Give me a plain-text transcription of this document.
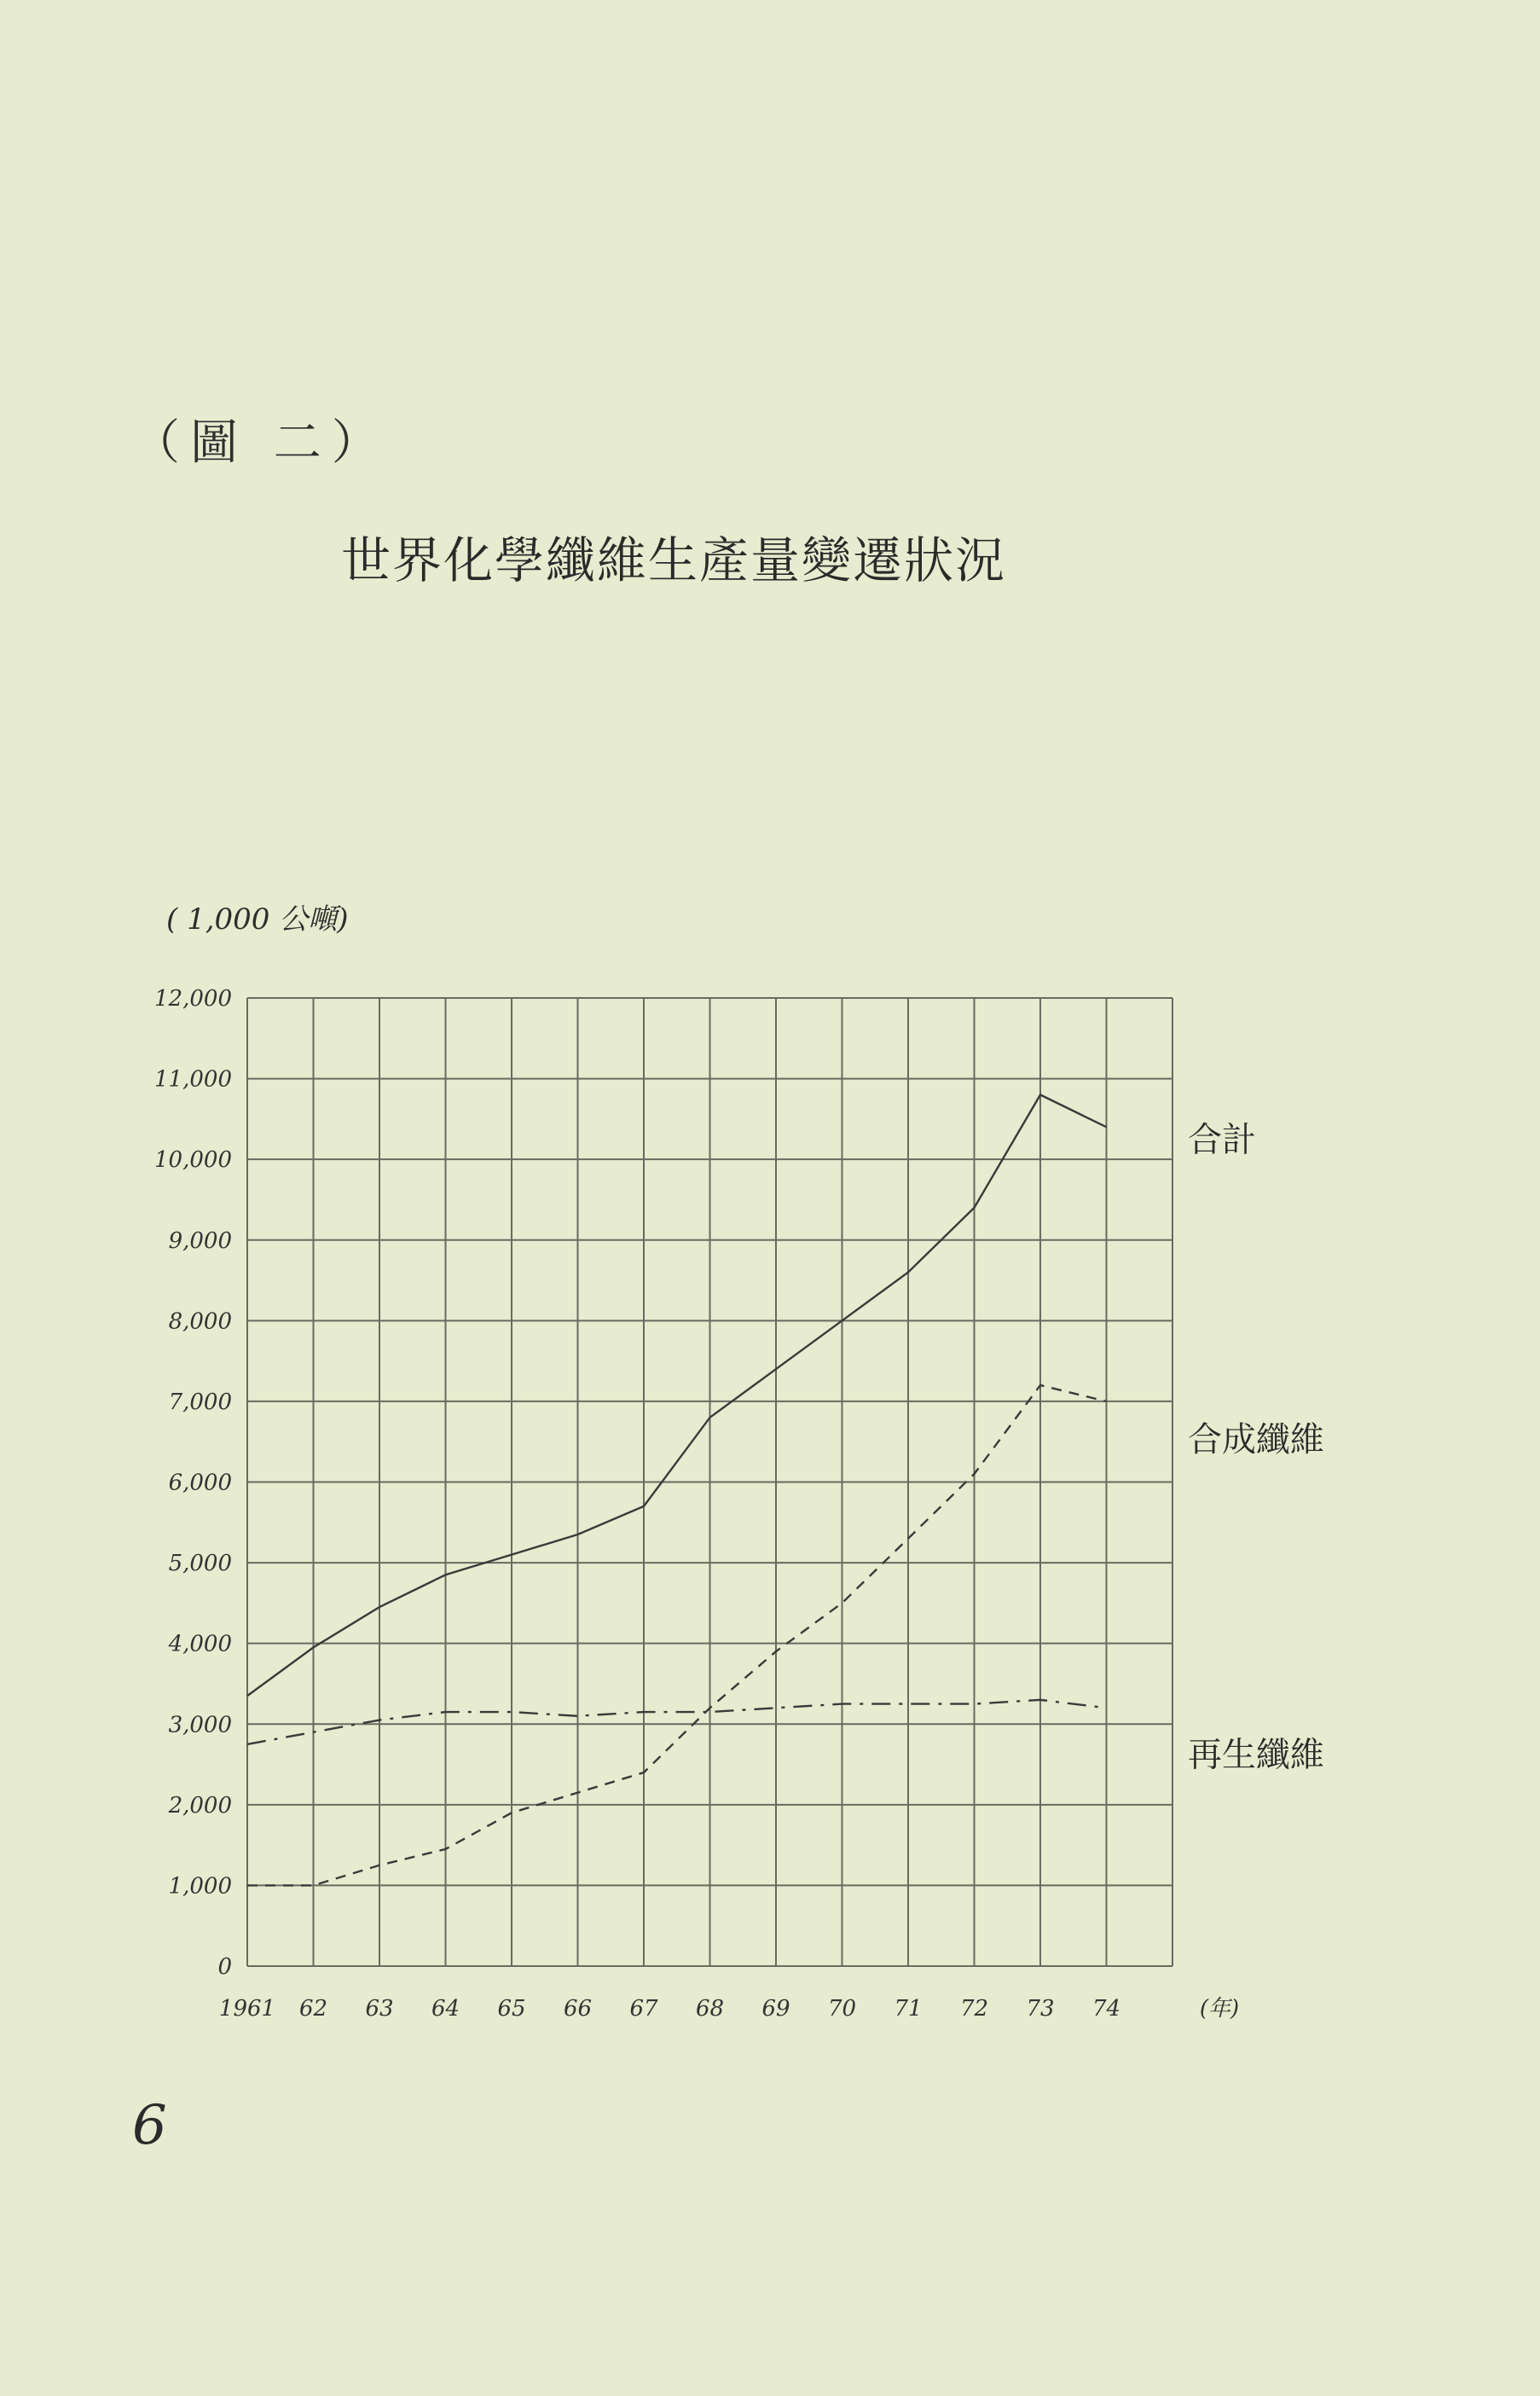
（圖 二）
世界化學纖維生產量變遷狀況
( 1,000 公噸)
0
1,000
2,000
3,000
4,000
5,000
6,000
7,000
8,000
9,000
10,000
11,000
12,000
1961 62 63 64 65 66 67 68 69 70 71 72 73 74	(年)
合計
合成纖維
再生纖維
6
